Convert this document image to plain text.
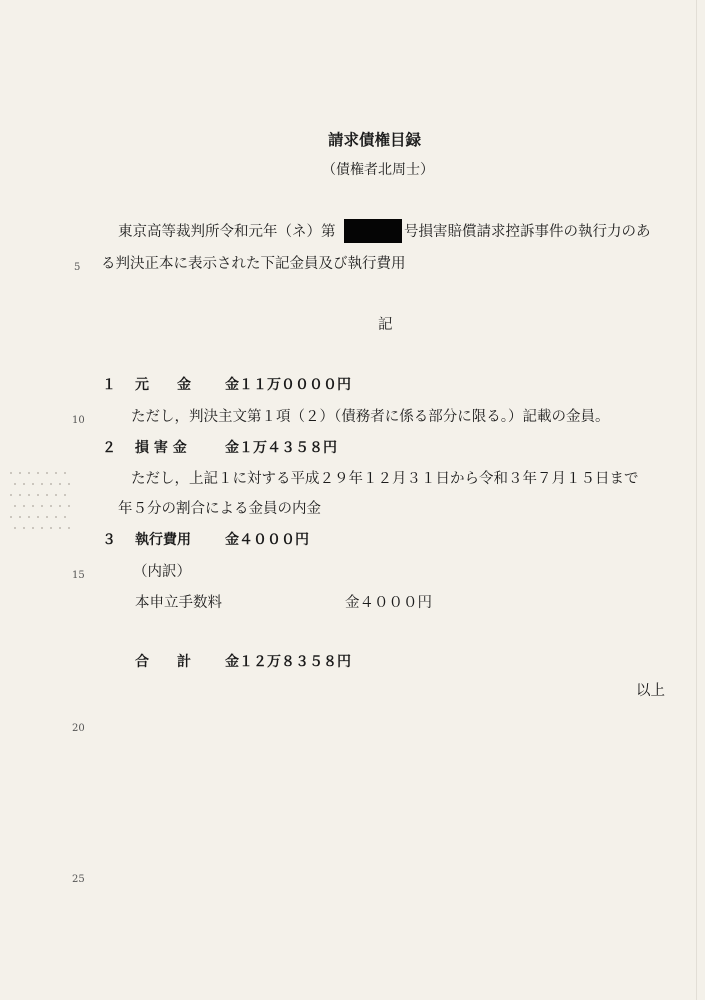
請求債権目録
（債権者北周士）
東京高等裁判所令和元年（ネ）第	号損害賠償請求控訴事件の執行力のあ
る判決正本に表示された下記金員及び執行費用
記
１ 元　　金 金１１万００００円
ただし，判決主文第１項（２）（債務者に係る部分に限る。）記載の金員。
２ 損 害 金	金１万４３５８円
ただし，上記１に対する平成２９年１２月３１日から令和３年７月１５日まで
年５分の割合による金員の内金
３ 執行費用 金４０００円
（内訳）
本申立手数料	金４０００円
合　　計 金１２万８３５８円
以上
5
10
15
20
25
